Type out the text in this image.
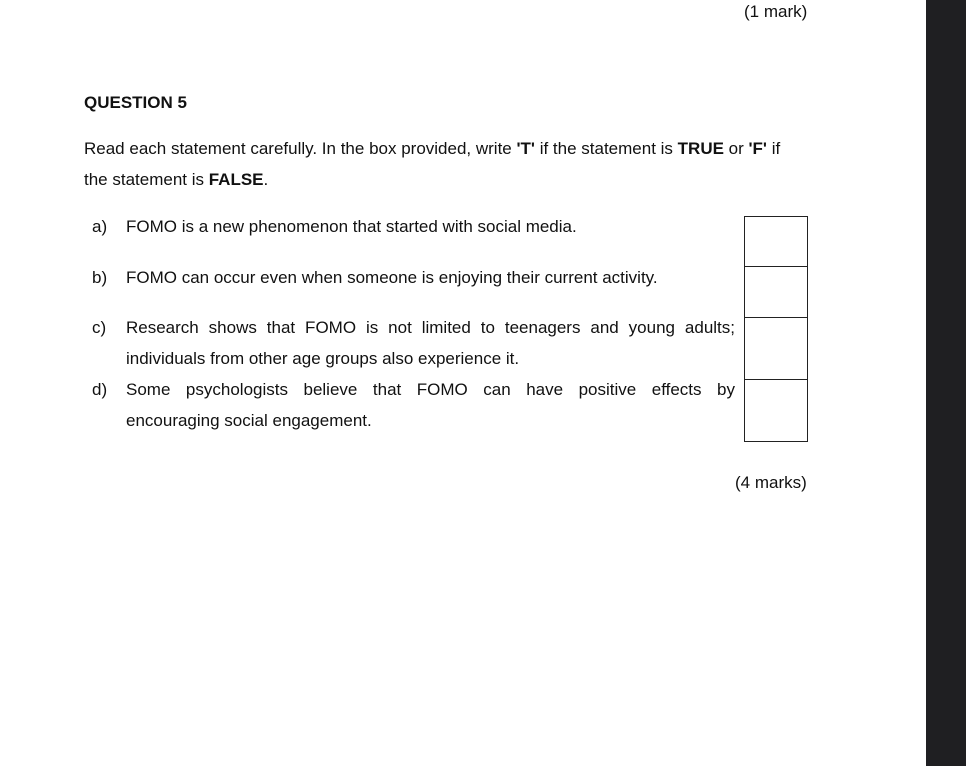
(1 mark)
QUESTION 5
Read each statement carefully. In the box provided, write 'T' if the statement is TRUE or 'F' if
the statement is FALSE.
a) FOMO is a new phenomenon that started with social media.
b) FOMO can occur even when someone is enjoying their current activity.
c) Research shows that FOMO is not limited to teenagers and young adults;
individuals from other age groups also experience it.
d) Some psychologists believe that FOMO can have positive effects by
encouraging social engagement.
(4 marks)
